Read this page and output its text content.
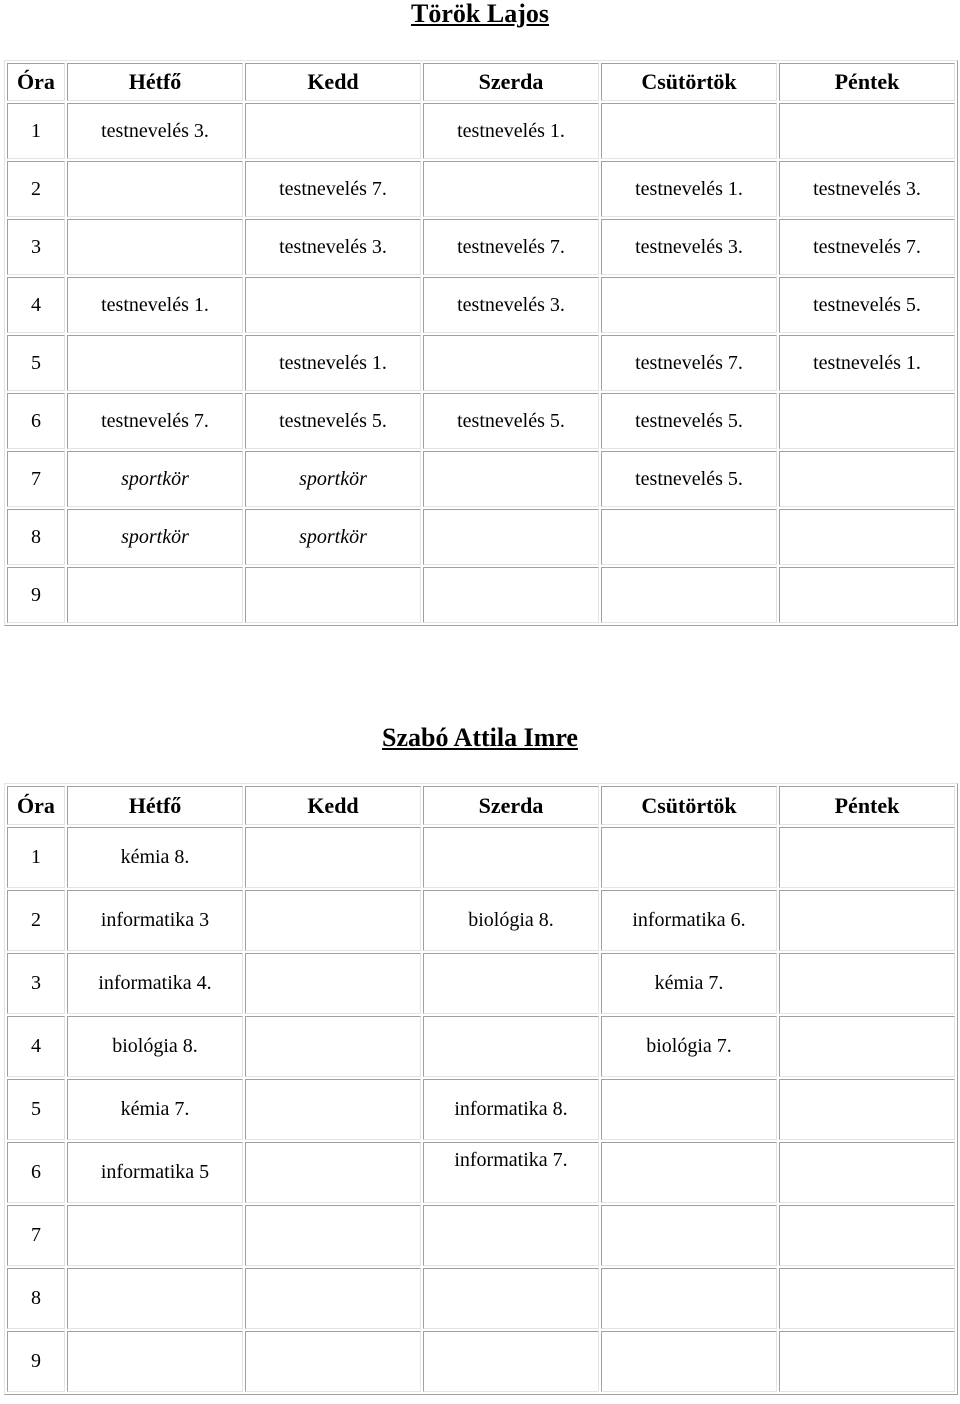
Török Lajos
Óra	Hétfő	Kedd	Szerda	Csütörtök	Péntek
1	testnevelés 3.		testnevelés 1.		
2		testnevelés 7.		testnevelés 1.	testnevelés 3.
3		testnevelés 3.	testnevelés 7.	testnevelés 3.	testnevelés 7.
4	testnevelés 1.		testnevelés 3.		testnevelés 5.
5		testnevelés 1.		testnevelés 7.	testnevelés 1.
6	testnevelés 7.	testnevelés 5.	testnevelés 5.	testnevelés 5.	
7	sportkör	sportkör		testnevelés 5.	
8	sportkör	sportkör			
9					
Szabó Attila Imre
Óra	Hétfő	Kedd	Szerda	Csütörtök	Péntek
1	kémia 8.				
2	informatika 3		biológia 8.	informatika 6.	
3	informatika 4.			kémia 7.	
4	biológia 8.			biológia 7.	
5	kémia 7.		informatika 8.		
6	informatika 5		informatika 7.		
7					
8					
9					
